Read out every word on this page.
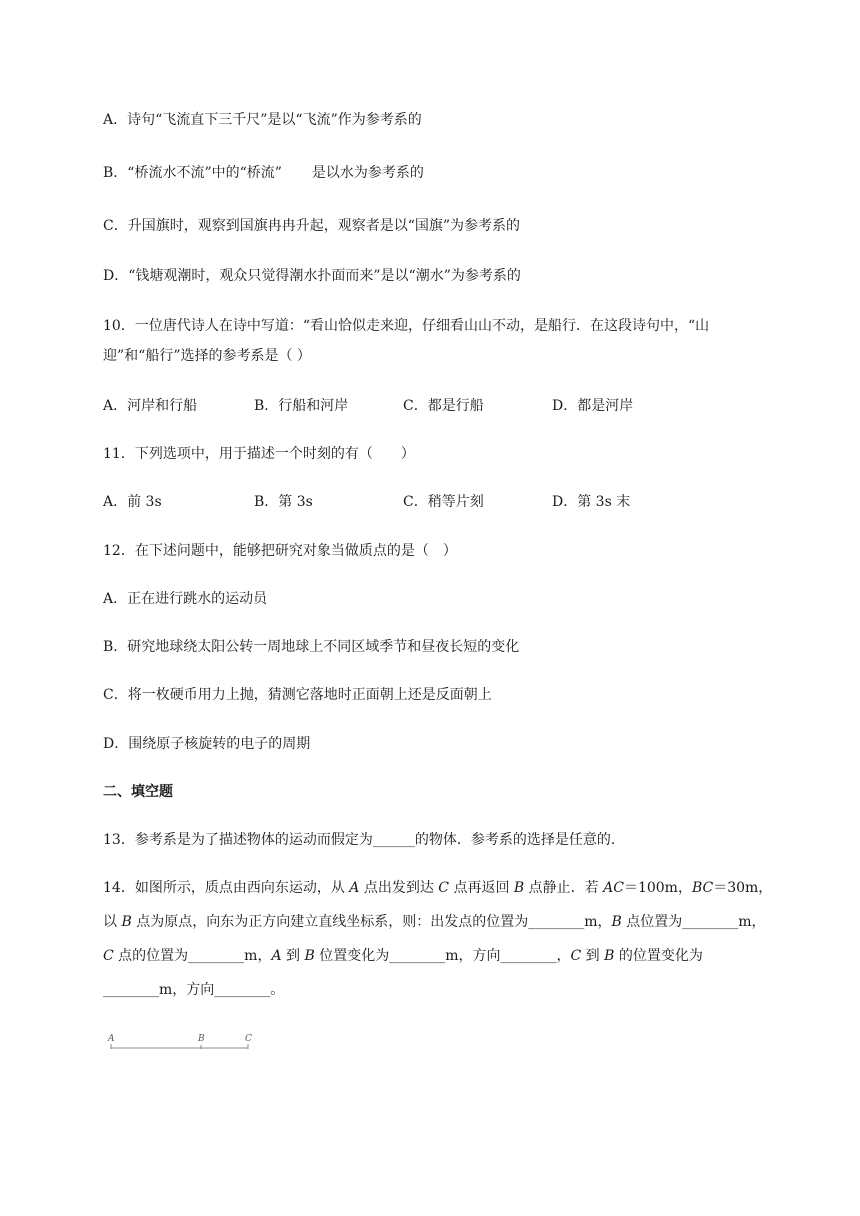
A．诗句“飞流直下三千尺”是以“飞流”作为参考系的
B．“桥流水不流”中的“桥流” 是以水为参考系的
C．升国旗时，观察到国旗冉冉升起，观察者是以“国旗”为参考系的
D．“钱塘观潮时，观众只觉得潮水扑面而来”是以“潮水”为参考系的
10．一位唐代诗人在诗中写道：“看山恰似走来迎，仔细看山山不动，是船行．在这段诗句中，“山
迎”和“船行”选择的参考系是（ ）
A．河岸和行船	B．行船和河岸	C．都是行船	D．都是河岸
11．下列选项中，用于描述一个时刻的有（　　）
A．前 3s	B．第 3s	C．稍等片刻	D．第 3s 末
12．在下述问题中，能够把研究对象当做质点的是（　）
A．正在进行跳水的运动员
B．研究地球绕太阳公转一周地球上不同区域季节和昼夜长短的变化
C．将一枚硬币用力上抛，猜测它落地时正面朝上还是反面朝上
D．围绕原子核旋转的电子的周期
二、填空题
13．参考系是为了描述物体的运动而假定为______的物体．参考系的选择是任意的．
14．如图所示，质点由西向东运动，从 A 点出发到达 C 点再返回 B 点静止．若 AC＝100m，BC＝30m，
以 B 点为原点，向东为正方向建立直线坐标系，则：出发点的位置为________m，B 点位置为________m，
C 点的位置为________m，A 到 B 位置变化为________m，方向________，C 到 B 的位置变化为
________m，方向________。
A	B	C
